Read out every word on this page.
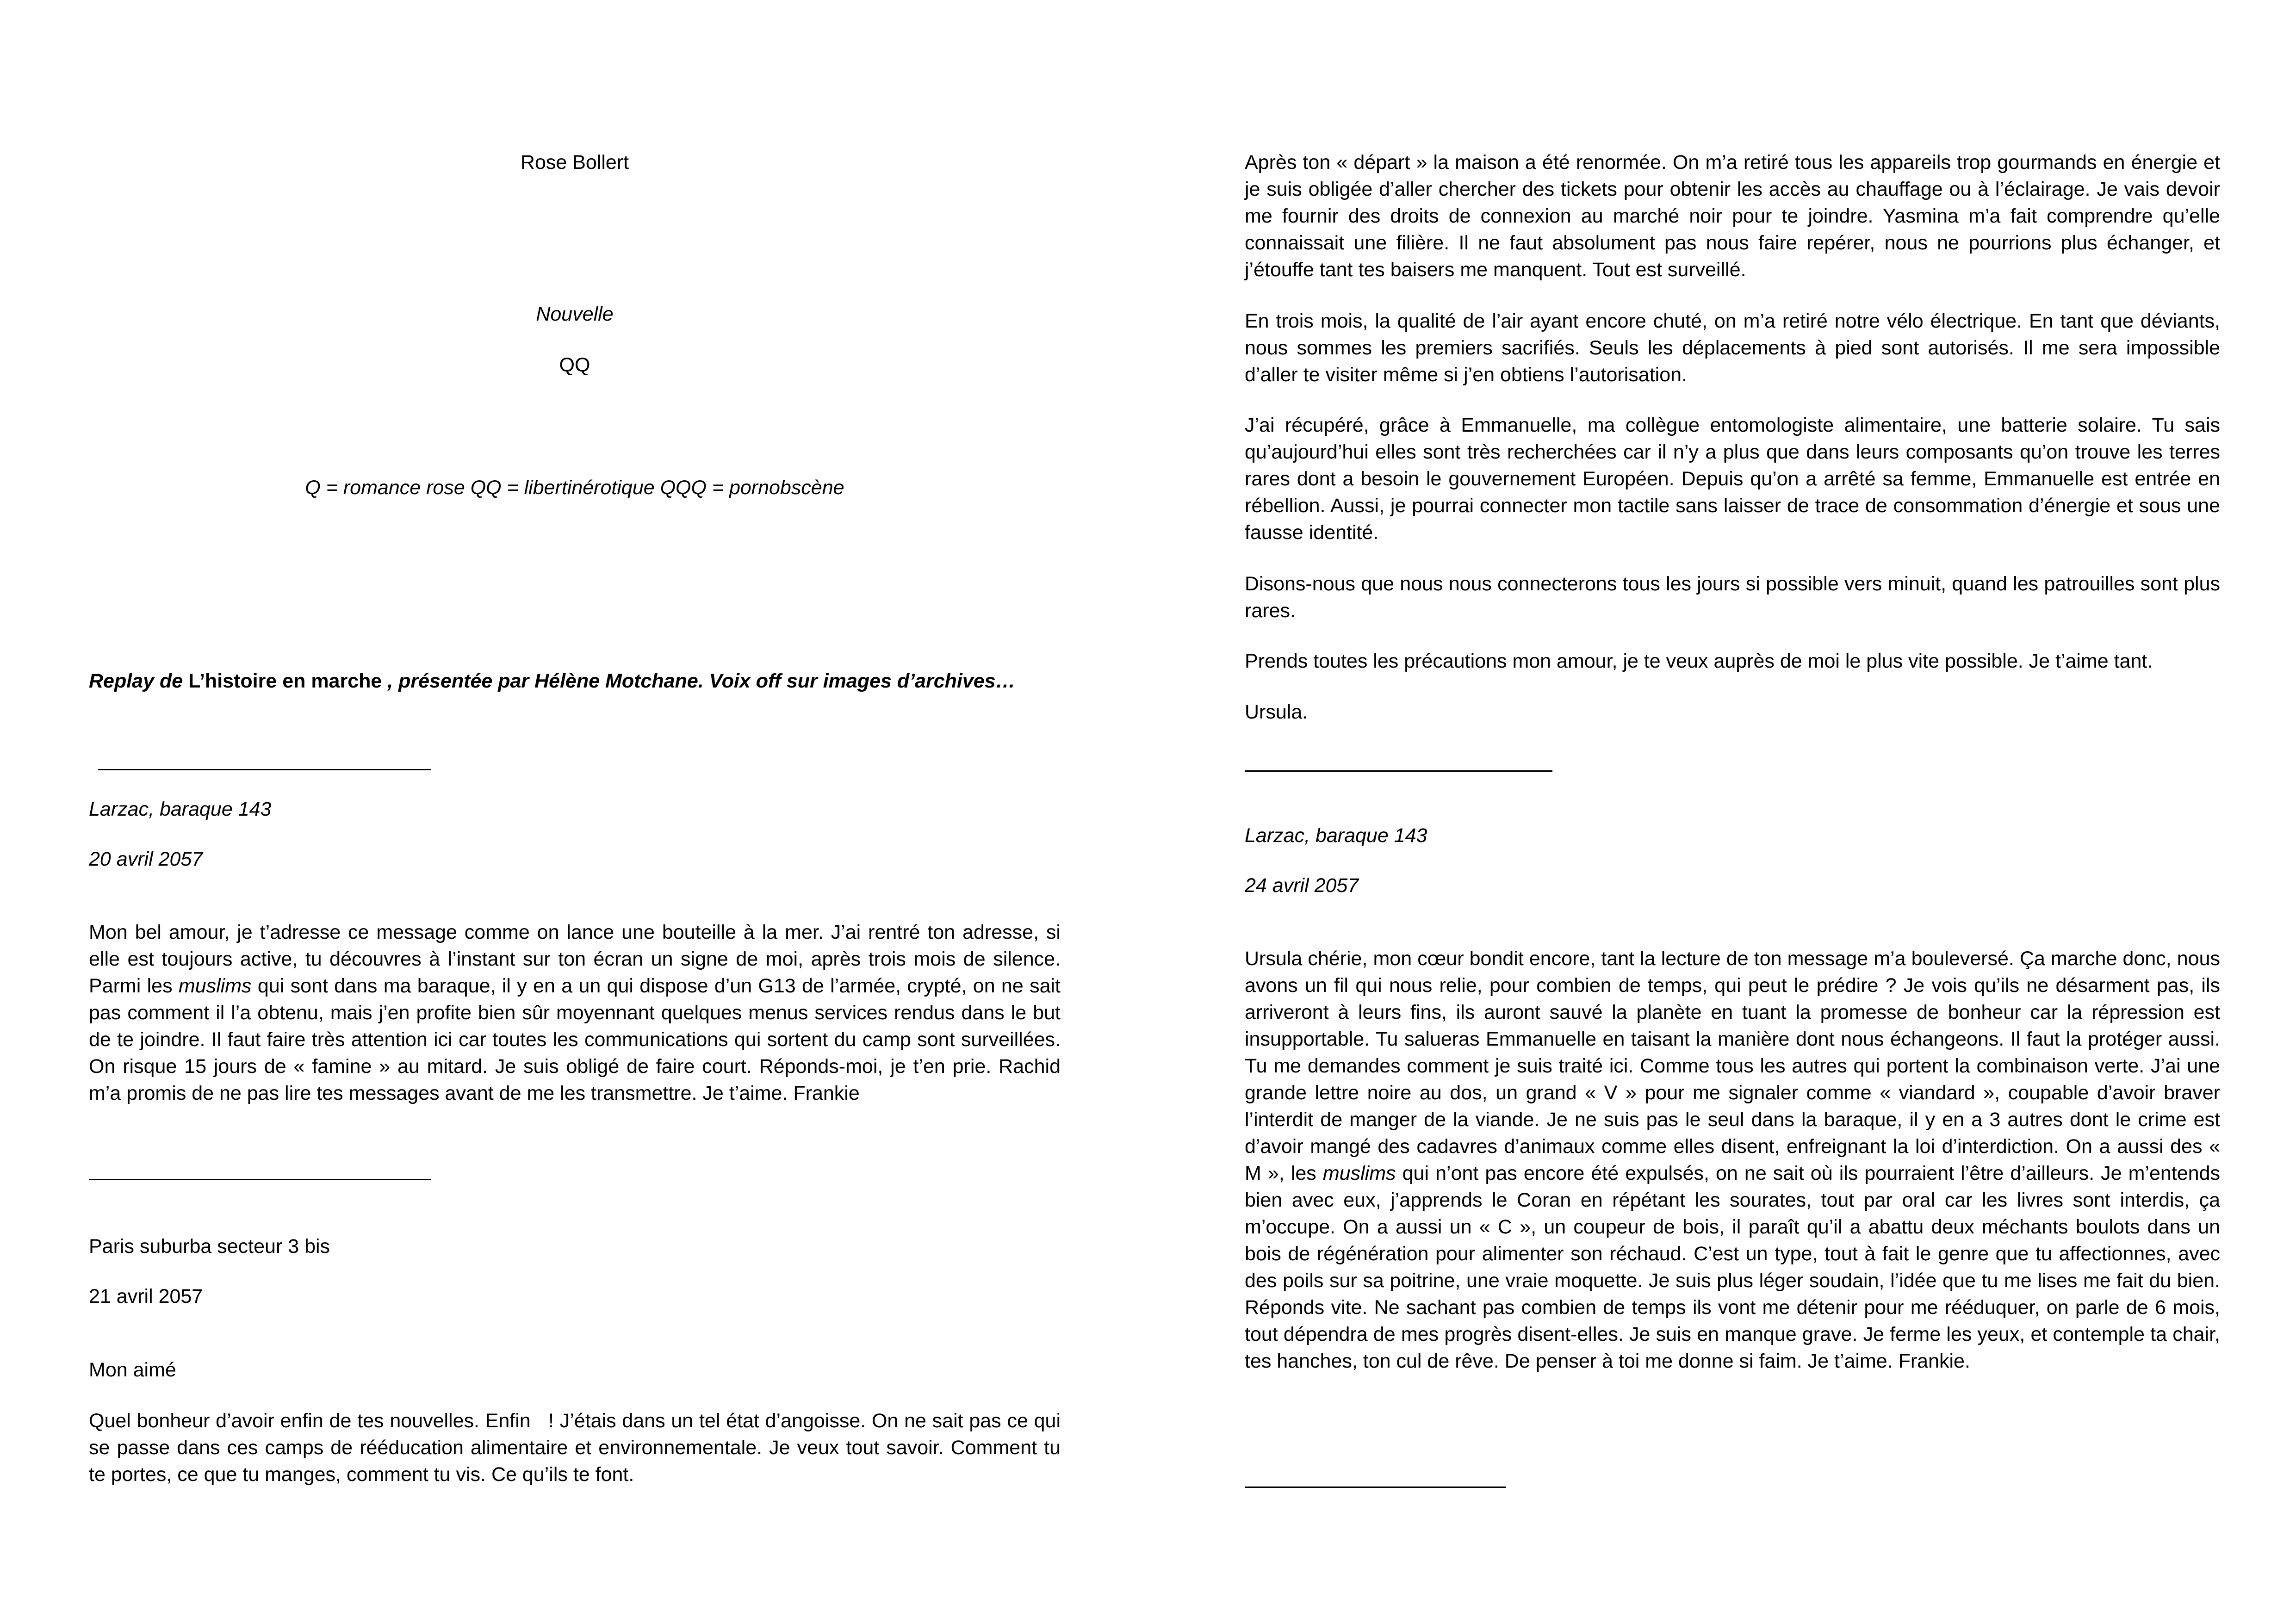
Rose Bollert
Nouvelle
QQ
Q = romance rose QQ = libertinérotique QQQ = pornobscène

Replay de L’histoire en marche , présentée par Hélène Motchane. Voix off sur images d’archives…

Larzac, baraque 143
20 avril 2057

Mon bel amour, je t’adresse ce message comme on lance une bouteille à la mer. J’ai rentré ton adresse, si elle est toujours active, tu découvres à l’instant sur ton écran un signe de moi, après trois mois de silence. Parmi les muslims qui sont dans ma baraque, il y en a un qui dispose d’un G13 de l’armée, crypté, on ne sait pas comment il l’a obtenu, mais j’en profite bien sûr moyennant quelques menus services rendus dans le but de te joindre. Il faut faire très attention ici car toutes les communications qui sortent du camp sont surveillées. On risque 15 jours de « famine » au mitard. Je suis obligé de faire court. Réponds-moi, je t’en prie. Rachid m’a promis de ne pas lire tes messages avant de me les transmettre. Je t’aime. Frankie

Paris suburba secteur 3 bis
21 avril 2057
Mon aimé

Quel bonheur d’avoir enfin de tes nouvelles. Enfin   ! J’étais dans un tel état d’angoisse. On ne sait pas ce qui se passe dans ces camps de rééducation alimentaire et environnementale. Je veux tout savoir. Comment tu te portes, ce que tu manges, comment tu vis. Ce qu’ils te font.

Après ton « départ » la maison a été renormée. On m’a retiré tous les appareils trop gourmands en énergie et je suis obligée d’aller chercher des tickets pour obtenir les accès au chauffage ou à l’éclairage. Je vais devoir me fournir des droits de connexion au marché noir pour te joindre. Yasmina m’a fait comprendre qu’elle connaissait une filière. Il ne faut absolument pas nous faire repérer, nous ne pourrions plus échanger, et j’étouffe tant tes baisers me manquent. Tout est surveillé.

En trois mois, la qualité de l’air ayant encore chuté, on m’a retiré notre vélo électrique. En tant que déviants, nous sommes les premiers sacrifiés. Seuls les déplacements à pied sont autorisés. Il me sera impossible d’aller te visiter même si j’en obtiens l’autorisation.

J’ai récupéré, grâce à Emmanuelle, ma collègue entomologiste alimentaire, une batterie solaire. Tu sais qu’aujourd’hui elles sont très recherchées car il n’y a plus que dans leurs composants qu’on trouve les terres rares dont a besoin le gouvernement Européen. Depuis qu’on a arrêté sa femme, Emmanuelle est entrée en rébellion. Aussi, je pourrai connecter mon tactile sans laisser de trace de consommation d’énergie et sous une fausse identité.

Disons-nous que nous nous connecterons tous les jours si possible vers minuit, quand les patrouilles sont plus rares.

Prends toutes les précautions mon amour, je te veux auprès de moi le plus vite possible. Je t’aime tant.

Ursula.
Larzac, baraque 143
24 avril 2057

Ursula chérie, mon cœur bondit encore, tant la lecture de ton message m’a bouleversé. Ça marche donc, nous avons un fil qui nous relie, pour combien de temps, qui peut le prédire ? Je vois qu’ils ne désarment pas, ils arriveront à leurs fins, ils auront sauvé la planète en tuant la promesse de bonheur car la répression est insupportable. Tu salueras Emmanuelle en taisant la manière dont nous échangeons. Il faut la protéger aussi. Tu me demandes comment je suis traité ici. Comme tous les autres qui portent la combinaison verte. J’ai une grande lettre noire au dos, un grand « V » pour me signaler comme « viandard », coupable d’avoir braver l’interdit de manger de la viande. Je ne suis pas le seul dans la baraque, il y en a 3 autres dont le crime est d’avoir mangé des cadavres d’animaux comme elles disent, enfreignant la loi d’interdiction. On a aussi des « M », les muslims qui n’ont pas encore été expulsés, on ne sait où ils pourraient l’être d’ailleurs. Je m’entends bien avec eux, j’apprends le Coran en répétant les sourates, tout par oral car les livres sont interdis, ça m’occupe. On a aussi un « C », un coupeur de bois, il paraît qu’il a abattu deux méchants boulots dans un bois de régénération pour alimenter son réchaud. C’est un type, tout à fait le genre que tu affectionnes, avec des poils sur sa poitrine, une vraie moquette. Je suis plus léger soudain, l’idée que tu me lises me fait du bien. Réponds vite. Ne sachant pas combien de temps ils vont me détenir pour me rééduquer, on parle de 6 mois, tout dépendra de mes progrès disent-elles. Je suis en manque grave. Je ferme les yeux, et contemple ta chair, tes hanches, ton cul de rêve. De penser à toi me donne si faim. Je t’aime. Frankie.
